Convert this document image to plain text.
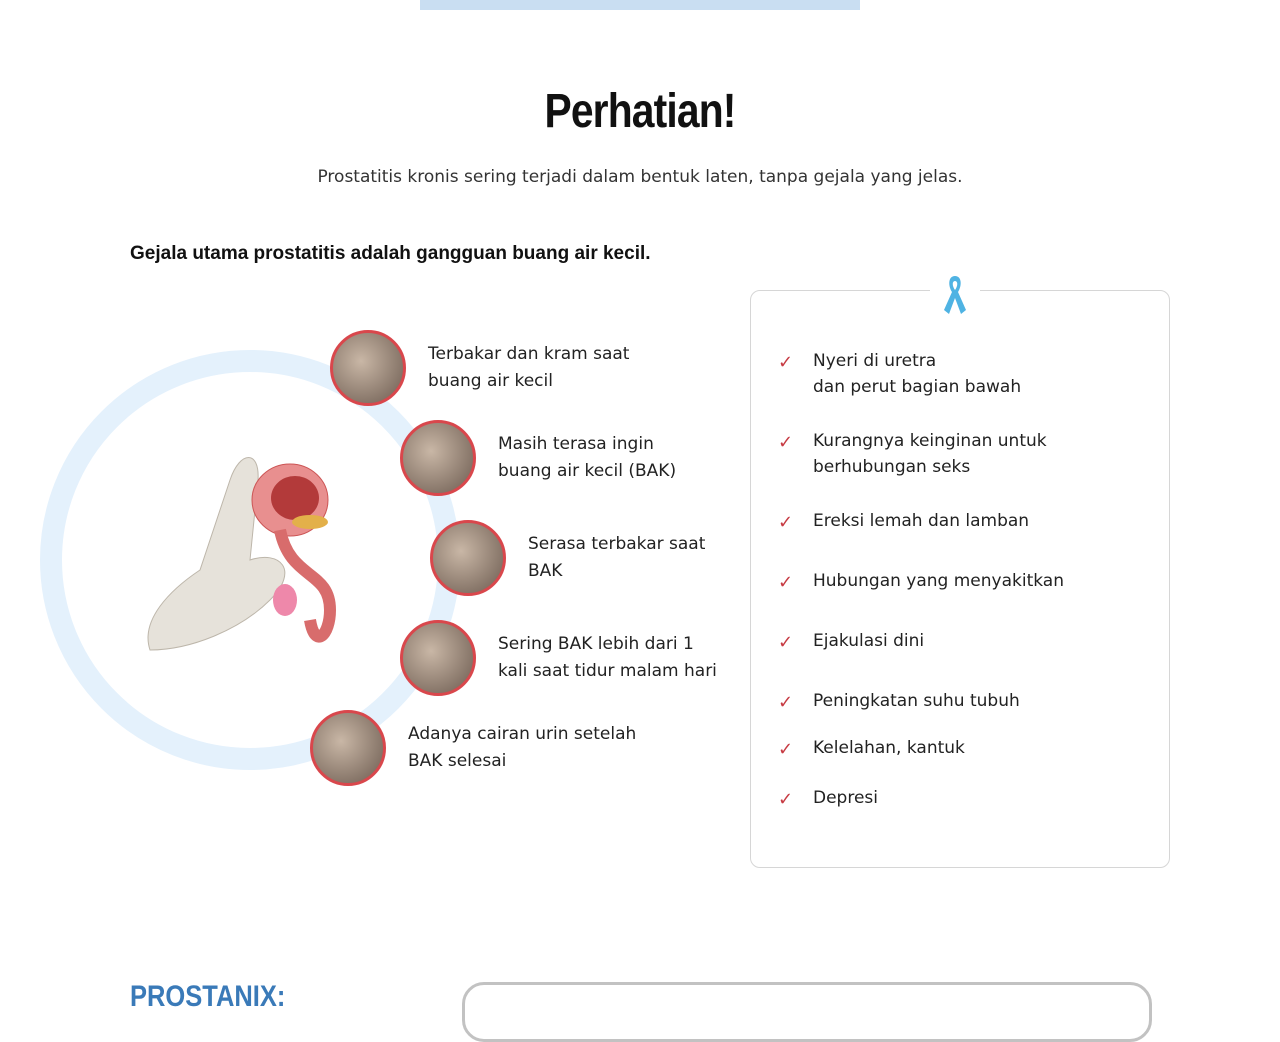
Perhatian!

Prostatitis kronis sering terjadi dalam bentuk laten, tanpa gejala yang jelas.

Gejala utama prostatitis adalah gangguan buang air kecil.

Terbakar dan kram saat
buang air kecil
Masih terasa ingin
buang air kecil (BAK)
Serasa terbakar saat
BAK
Sering BAK lebih dari 1
kali saat tidur malam hari
Adanya cairan urin setelah
BAK selesai
✓	Nyeri di uretra
dan perut bagian bawah
✓	Kurangnya keinginan untuk
berhubungan seks
✓	Ereksi lemah dan lamban
✓	Hubungan yang menyakitkan
✓	Ejakulasi dini
✓	Peningkatan suhu tubuh
✓	Kelelahan, kantuk
✓	Depresi
PROSTANIX:
